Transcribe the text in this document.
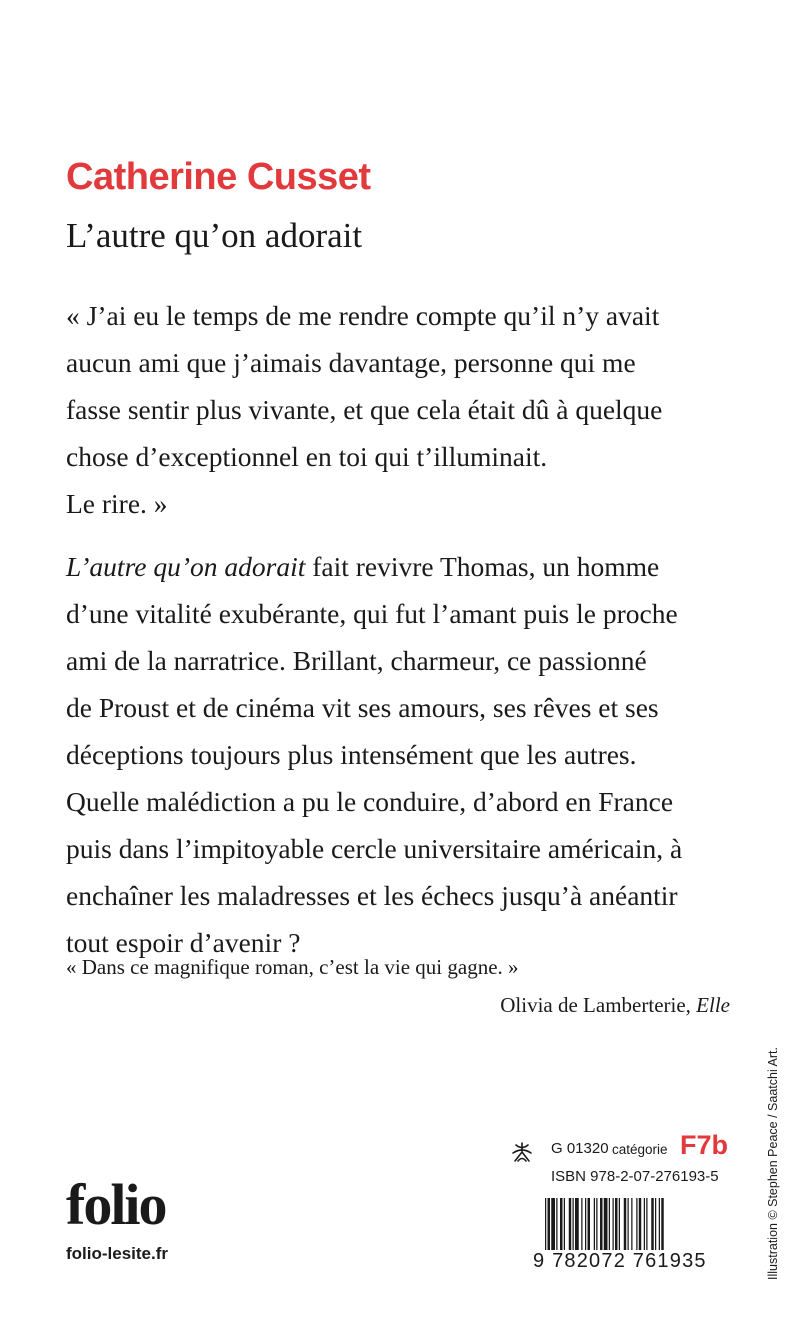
Catherine Cusset
L’autre qu’on adorait
« J’ai eu le temps de me rendre compte qu’il n’y avait
aucun ami que j’aimais davantage, personne qui me
fasse sentir plus vivante, et que cela était dû à quelque
chose d’exceptionnel en toi qui t’illuminait.
Le rire. »
L’autre qu’on adorait fait revivre Thomas, un homme
d’une vitalité exubérante, qui fut l’amant puis le proche
ami de la narratrice. Brillant, charmeur, ce passionné
de Proust et de cinéma vit ses amours, ses rêves et ses
déceptions toujours plus intensément que les autres.
Quelle malédiction a pu le conduire, d’abord en France
puis dans l’impitoyable cercle universitaire américain, à
enchaîner les maladresses et les échecs jusqu’à anéantir
tout espoir d’avenir ?
« Dans ce magnifique roman, c’est la vie qui gagne. »
Olivia de Lamberterie, Elle
Illustration © Stephen Peace / Saatchi Art.
folio
folio-lesite.fr
G 01320 catégorie F7b
ISBN 978-2-07-276193-5
9 782072 761935
